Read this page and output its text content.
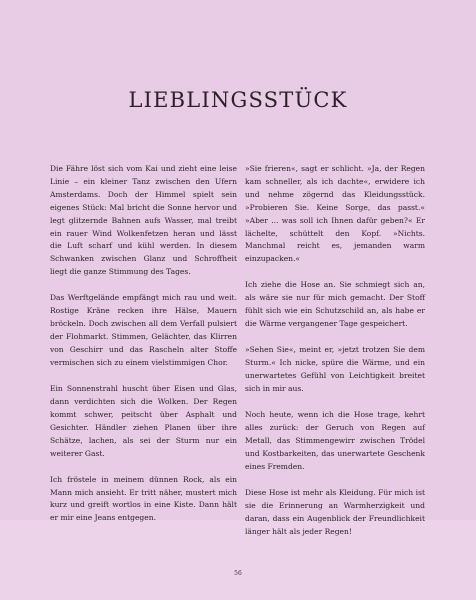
LIEBLINGSSTÜCK

Die Fähre löst sich vom Kai und zieht eine leise Linie – ein kleiner Tanz zwischen den Ufern Amsterdams. Doch der Himmel spielt sein eigenes Stück: Mal bricht die Sonne hervor und legt glitzernde Bahnen aufs Wasser, mal treibt ein rauer Wind Wolkenfetzen heran und lässt die Luft scharf und kühl werden. In diesem Schwanken zwischen Glanz und Schroffheit liegt die ganze Stimmung des Tages.

Das Werftgelände empfängt mich rau und weit. Rostige Kräne recken ihre Hälse, Mauern bröckeln. Doch zwischen all dem Verfall pulsiert der Flohmarkt. Stimmen, Gelächter, das Klirren von Geschirr und das Rascheln alter Stoffe vermischen sich zu einem vielstimmigen Chor.

Ein Sonnenstrahl huscht über Eisen und Glas, dann verdichten sich die Wolken. Der Regen kommt schwer, peitscht über Asphalt und Gesichter. Händler ziehen Planen über ihre Schätze, lachen, als sei der Sturm nur ein weiterer Gast.

Ich fröstele in meinem dünnen Rock, als ein Mann mich ansieht. Er tritt näher, mustert mich kurz und greift wortlos in eine Kiste. Dann hält er mir eine Jeans entgegen.

»Sie frieren«, sagt er schlicht. »Ja, der Regen kam schneller, als ich dachte«, erwidere ich und nehme zögernd das Kleidungsstück. »Probieren Sie. Keine Sorge, das passt.« »Aber ... was soll ich Ihnen dafür geben?« Er lächelte, schüttelt den Kopf. »Nichts. Manchmal reicht es, jemanden warm einzupacken.«

Ich ziehe die Hose an. Sie schmiegt sich an, als wäre sie nur für mich gemacht. Der Stoff fühlt sich wie ein Schutzschild an, als habe er die Wärme vergangener Tage gespeichert.

»Sehen Sie«, meint er, »jetzt trotzen Sie dem Sturm.« Ich nicke, spüre die Wärme, und ein unerwartetes Gefühl von Leichtigkeit breitet sich in mir aus.

Noch heute, wenn ich die Hose trage, kehrt alles zurück: der Geruch von Regen auf Metall, das Stimmengewirr zwischen Trödel und Kostbarkeiten, das unerwartete Geschenk eines Fremden.

Diese Hose ist mehr als Kleidung. Für mich ist sie die Erinnerung an Warmherzigkeit und daran, dass ein Augenblick der Freundlichkeit länger hält als jeder Regen!

56
